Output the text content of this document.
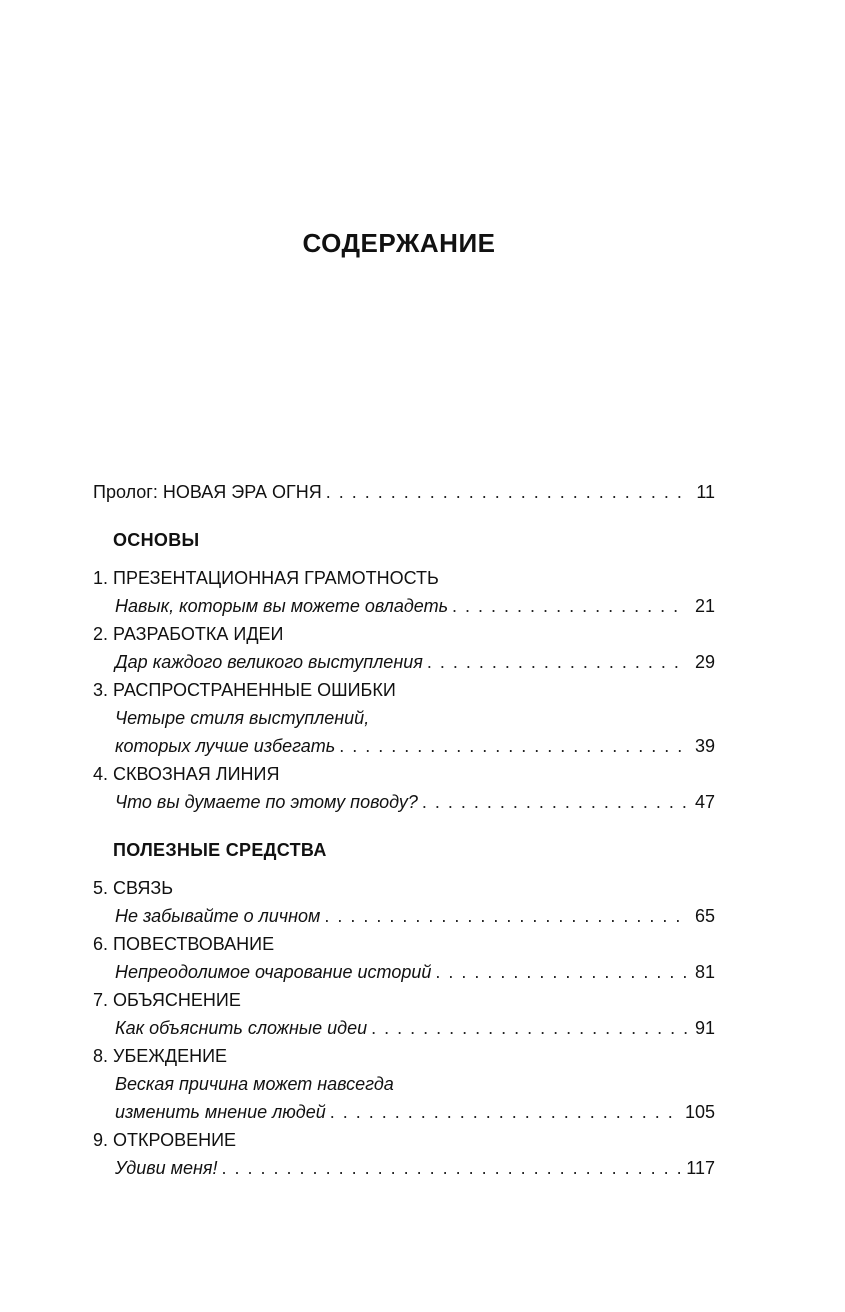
СОДЕРЖАНИЕ
Пролог: НОВАЯ ЭРА ОГНЯ . . .	11
ОСНОВЫ
1. ПРЕЗЕНТАЦИОННАЯ ГРАМОТНОСТЬ
Навык, которым вы можете овладеть . . .	21
2. РАЗРАБОТКА ИДЕИ
Дар каждого великого выступления . . .	29
3. РАСПРОСТРАНЕННЫЕ ОШИБКИ
Четыре стиля выступлений,
которых лучше избегать . . .	39
4. СКВОЗНАЯ ЛИНИЯ
Что вы думаете по этому поводу? . . .	47
ПОЛЕЗНЫЕ СРЕДСТВА
5. СВЯЗЬ
Не забывайте о личном . . .	65
6. ПОВЕСТВОВАНИЕ
Непреодолимое очарование историй . . .	81
7. ОБЪЯСНЕНИЕ
Как объяснить сложные идеи . . .	91
8. УБЕЖДЕНИЕ
Веская причина может навсегда
изменить мнение людей . . .	105
9. ОТКРОВЕНИЕ
Удиви меня! . . .	117
